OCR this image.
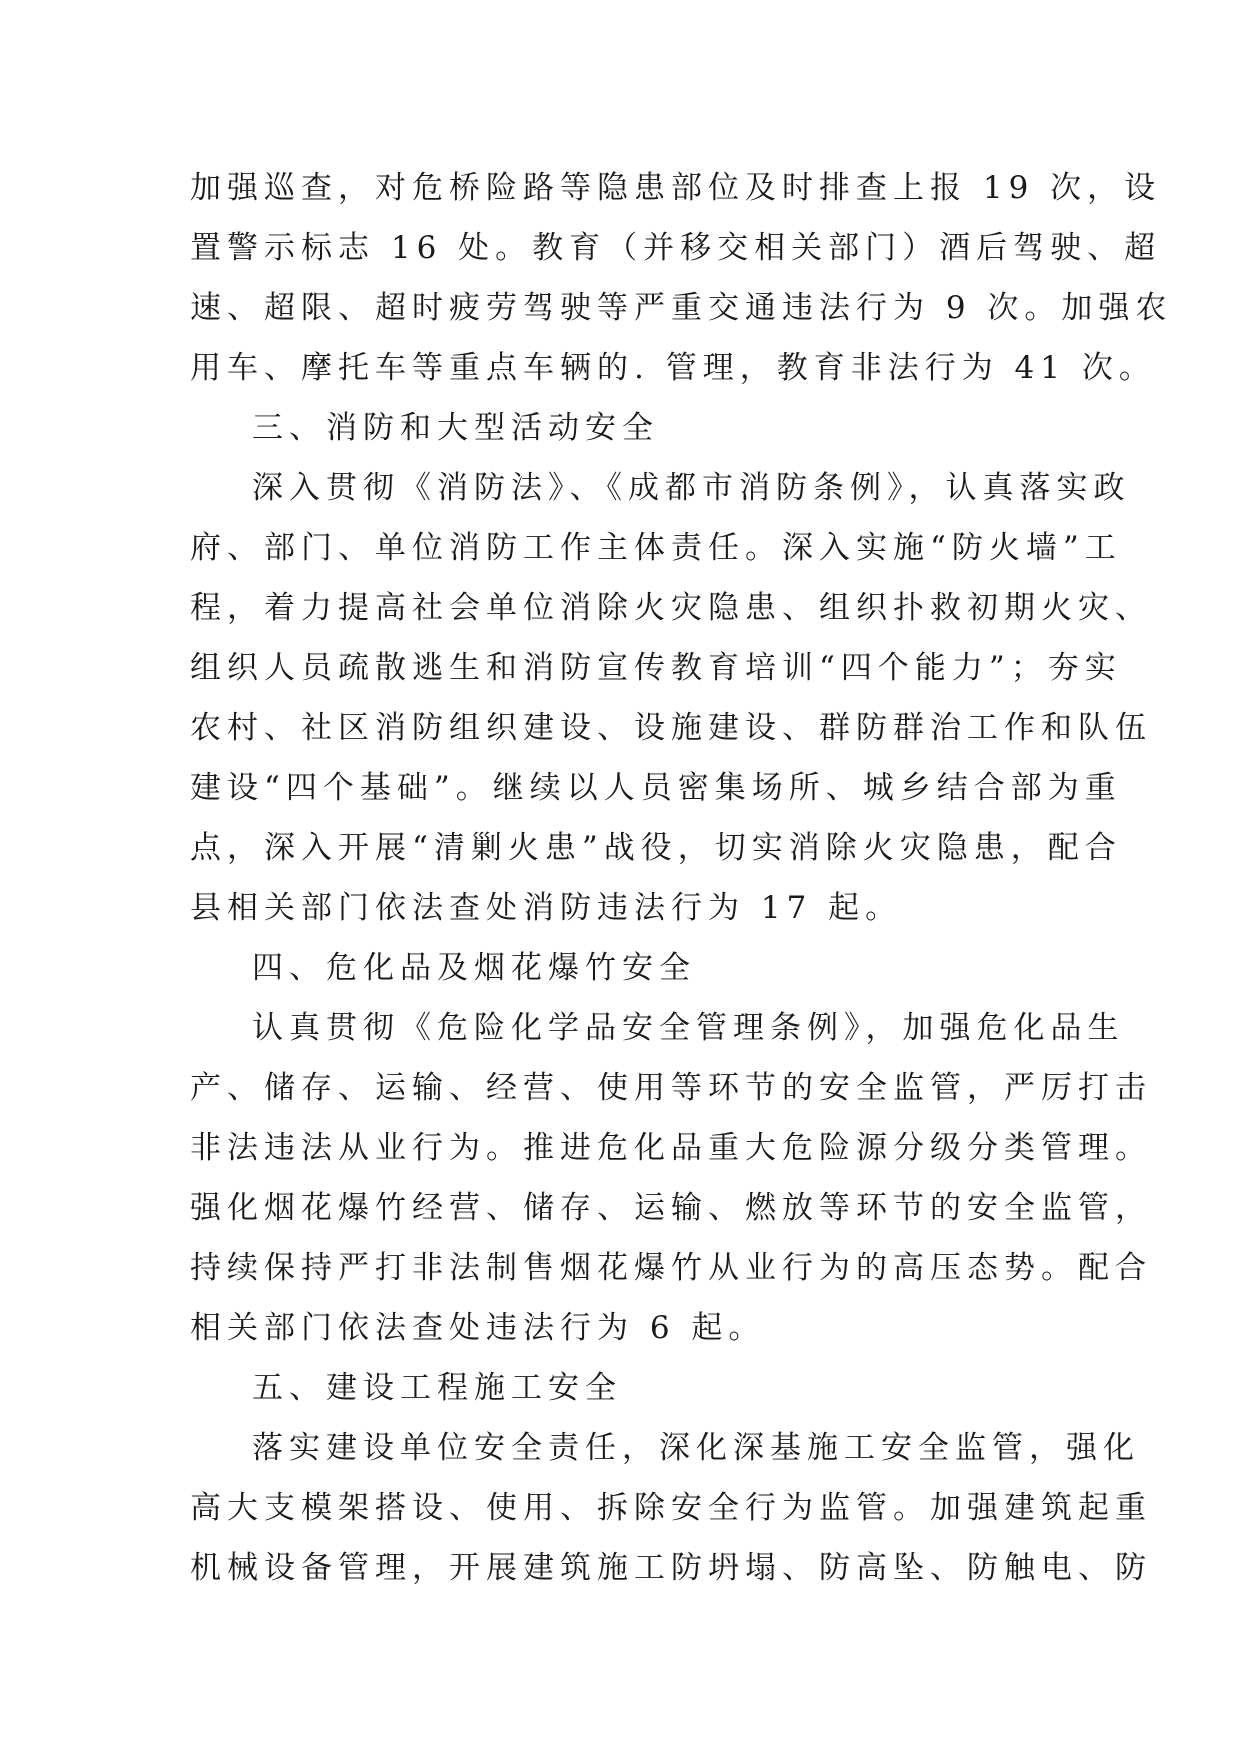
加强巡查，对危桥险路等隐患部位及时排查上报 19 次，设
置警示标志 16 处。教育（并移交相关部门）酒后驾驶、超
速、超限、超时疲劳驾驶等严重交通违法行为 9 次。加强农
用车、摩托车等重点车辆的. 管理，教育非法行为 41 次。
三、消防和大型活动安全
深入贯彻《消防法》、《成都市消防条例》，认真落实政
府、部门、单位消防工作主体责任。深入实施“防火墙”工
程，着力提高社会单位消除火灾隐患、组织扑救初期火灾、
组织人员疏散逃生和消防宣传教育培训“四个能力”；夯实
农村、社区消防组织建设、设施建设、群防群治工作和队伍
建设“四个基础”。继续以人员密集场所、城乡结合部为重
点，深入开展“清剿火患”战役，切实消除火灾隐患，配合
县相关部门依法查处消防违法行为 17 起。
四、危化品及烟花爆竹安全
认真贯彻《危险化学品安全管理条例》，加强危化品生
产、储存、运输、经营、使用等环节的安全监管，严厉打击
非法违法从业行为。推进危化品重大危险源分级分类管理。
强化烟花爆竹经营、储存、运输、燃放等环节的安全监管，
持续保持严打非法制售烟花爆竹从业行为的高压态势。配合
相关部门依法查处违法行为 6 起。
五、建设工程施工安全
落实建设单位安全责任，深化深基施工安全监管，强化
高大支模架搭设、使用、拆除安全行为监管。加强建筑起重
机械设备管理，开展建筑施工防坍塌、防高坠、防触电、防
